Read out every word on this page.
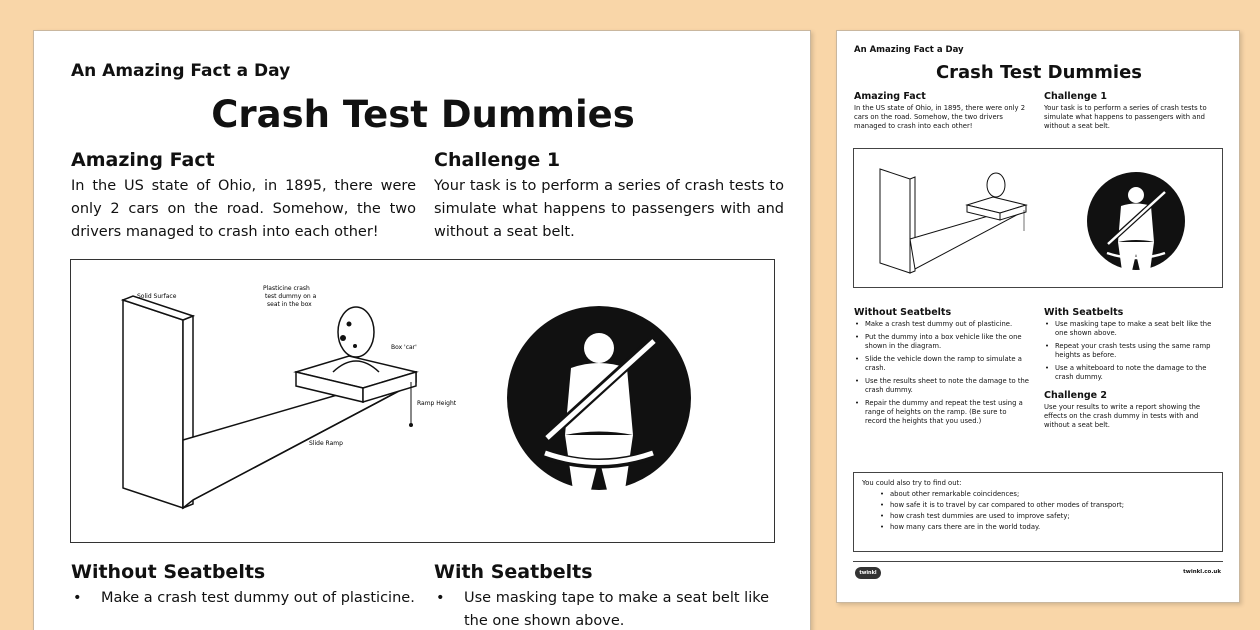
An Amazing Fact a Day
Crash Test Dummies
Amazing Fact

In the US state of Ohio, in 1895, there were only 2 cars on the road. Somehow, the two drivers managed to crash into each other!

Challenge 1

Your task is to perform a series of crash tests to simulate what happens to passengers with and without a seat belt.

Solid Surface
Plasticine crash
test dummy on a
seat in the box
Box 'car'
Ramp Height
Slide Ramp
Without Seatbelts
• Make a crash test dummy out of plasticine.
With Seatbelts
• Use masking tape to make a seat belt like the one shown above.
An Amazing Fact a Day
Crash Test Dummies
Amazing Fact

In the US state of Ohio, in 1895, there were only 2 cars on the road. Somehow, the two drivers managed to crash into each other!

Challenge 1

Your task is to perform a series of crash tests to simulate what happens to passengers with and without a seat belt.

Without Seatbelts
• Make a crash test dummy out of plasticine.
• Put the dummy into a box vehicle like the one shown in the diagram.
• Slide the vehicle down the ramp to simulate a crash.
• Use the results sheet to note the damage to the crash dummy.
• Repair the dummy and repeat the test using a range of heights on the ramp. (Be sure to record the heights that you used.)
With Seatbelts
• Use masking tape to make a seat belt like the one shown above.
• Repeat your crash tests using the same ramp heights as before.
• Use a whiteboard to note the damage to the crash dummy.
Challenge 2

Use your results to write a report showing the effects on the crash dummy in tests with and without a seat belt.

You could also try to find out:
• about other remarkable coincidences;
• how safe it is to travel by car compared to other modes of transport;
• how crash test dummies are used to improve safety;
• how many cars there are in the world today.
twinkl	twinkl.co.uk
